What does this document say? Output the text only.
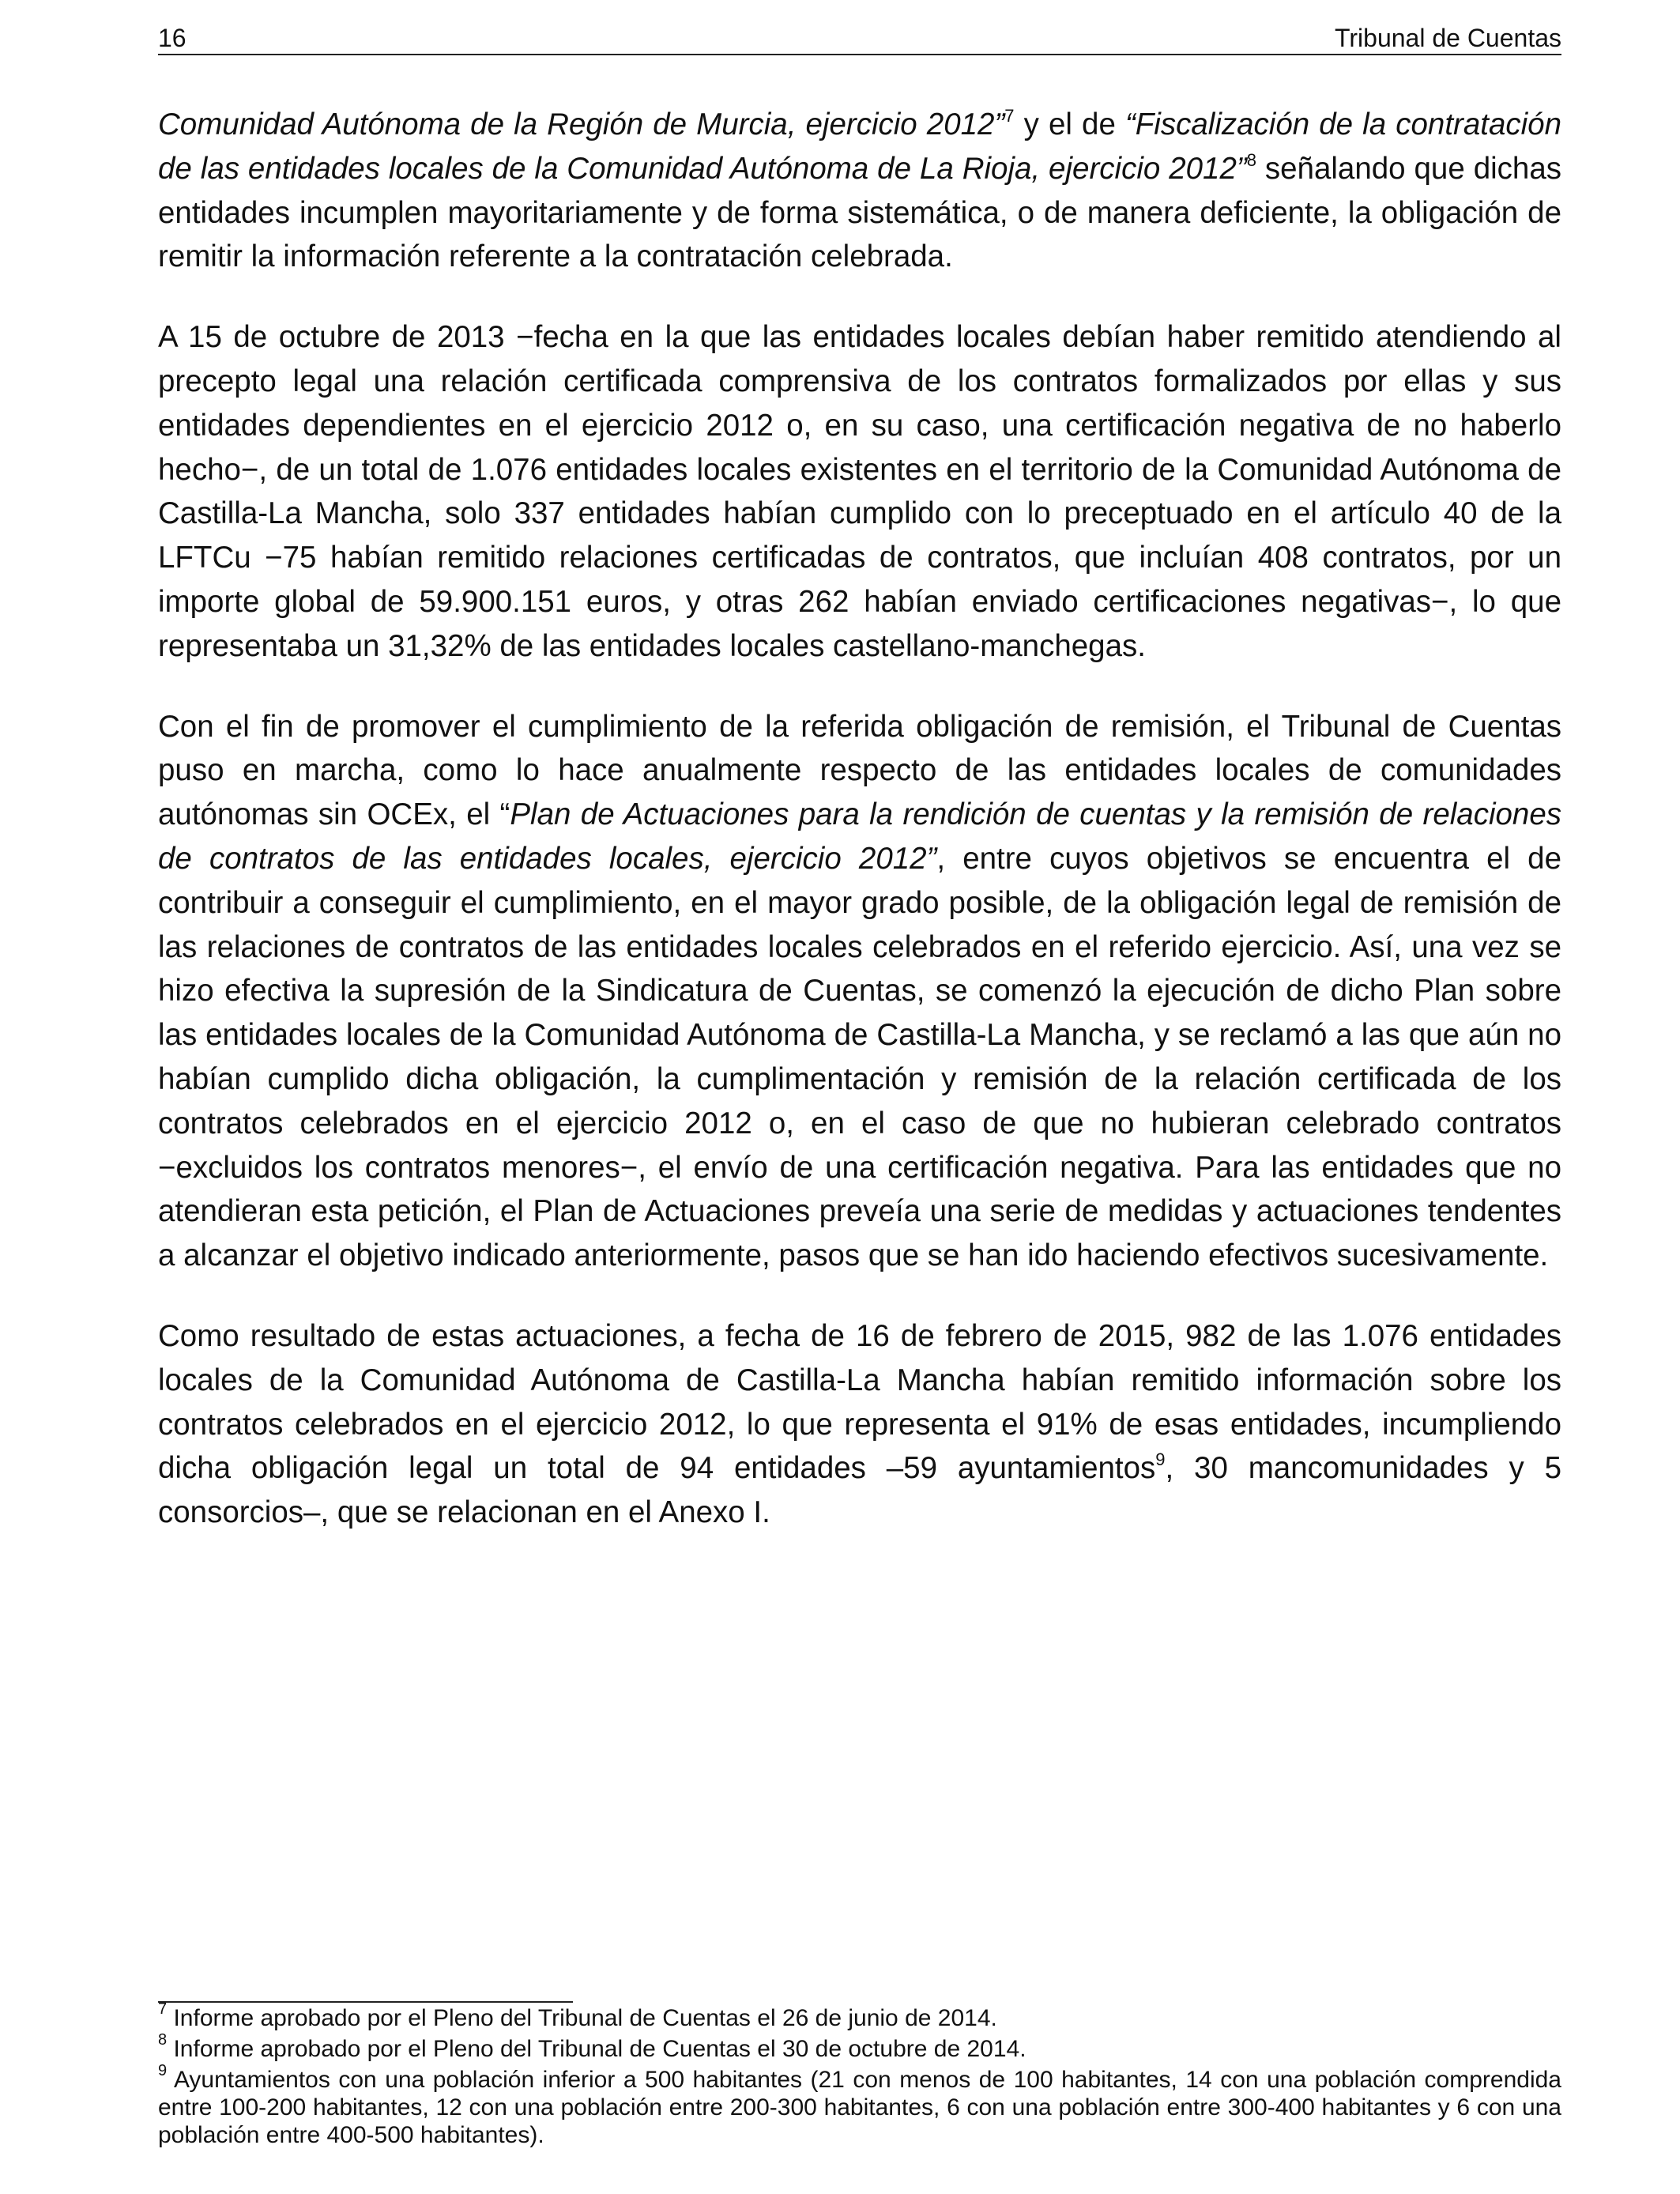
16	Tribunal de Cuentas

Comunidad Autónoma de la Región de Murcia, ejercicio 2012”$^7$ y el de “Fiscalización de la contratación de las entidades locales de la Comunidad Autónoma de La Rioja, ejercicio 2012”$^8$ señalando que dichas entidades incumplen mayoritariamente y de forma sistemática, o de manera deficiente, la obligación de remitir la información referente a la contratación celebrada.

A 15 de octubre de 2013 −fecha en la que las entidades locales debían haber remitido atendiendo al precepto legal una relación certificada comprensiva de los contratos formalizados por ellas y sus entidades dependientes en el ejercicio 2012 o, en su caso, una certificación negativa de no haberlo hecho−, de un total de 1.076 entidades locales existentes en el territorio de la Comunidad Autónoma de Castilla-La Mancha, solo 337 entidades habían cumplido con lo preceptuado en el artículo 40 de la LFTCu −75 habían remitido relaciones certificadas de contratos, que incluían 408 contratos, por un importe global de 59.900.151 euros, y otras 262 habían enviado certificaciones negativas−, lo que representaba un 31,32% de las entidades locales castellano-manchegas.

Con el fin de promover el cumplimiento de la referida obligación de remisión, el Tribunal de Cuentas puso en marcha, como lo hace anualmente respecto de las entidades locales de comunidades autónomas sin OCEx, el “Plan de Actuaciones para la rendición de cuentas y la remisión de relaciones de contratos de las entidades locales, ejercicio 2012”, entre cuyos objetivos se encuentra el de contribuir a conseguir el cumplimiento, en el mayor grado posible, de la obligación legal de remisión de las relaciones de contratos de las entidades locales celebrados en el referido ejercicio. Así, una vez se hizo efectiva la supresión de la Sindicatura de Cuentas, se comenzó la ejecución de dicho Plan sobre las entidades locales de la Comunidad Autónoma de Castilla-La Mancha, y se reclamó a las que aún no habían cumplido dicha obligación, la cumplimentación y remisión de la relación certificada de los contratos celebrados en el ejercicio 2012 o, en el caso de que no hubieran celebrado contratos −excluidos los contratos menores−, el envío de una certificación negativa. Para las entidades que no atendieran esta petición, el Plan de Actuaciones preveía una serie de medidas y actuaciones tendentes a alcanzar el objetivo indicado anteriormente, pasos que se han ido haciendo efectivos sucesivamente.

Como resultado de estas actuaciones, a fecha de 16 de febrero de 2015, 982 de las 1.076 entidades locales de la Comunidad Autónoma de Castilla-La Mancha habían remitido información sobre los contratos celebrados en el ejercicio 2012, lo que representa el 91% de esas entidades, incumpliendo dicha obligación legal un total de 94 entidades –59 ayuntamientos$^9$, 30 mancomunidades y 5 consorcios–, que se relacionan en el Anexo I.

$^7$ Informe aprobado por el Pleno del Tribunal de Cuentas el 26 de junio de 2014.

$^8$ Informe aprobado por el Pleno del Tribunal de Cuentas el 30 de octubre de 2014.

$^9$ Ayuntamientos con una población inferior a 500 habitantes (21 con menos de 100 habitantes, 14 con una población comprendida entre 100-200 habitantes, 12 con una población entre 200-300 habitantes, 6 con una población entre 300-400 habitantes y 6 con una población entre 400-500 habitantes).
